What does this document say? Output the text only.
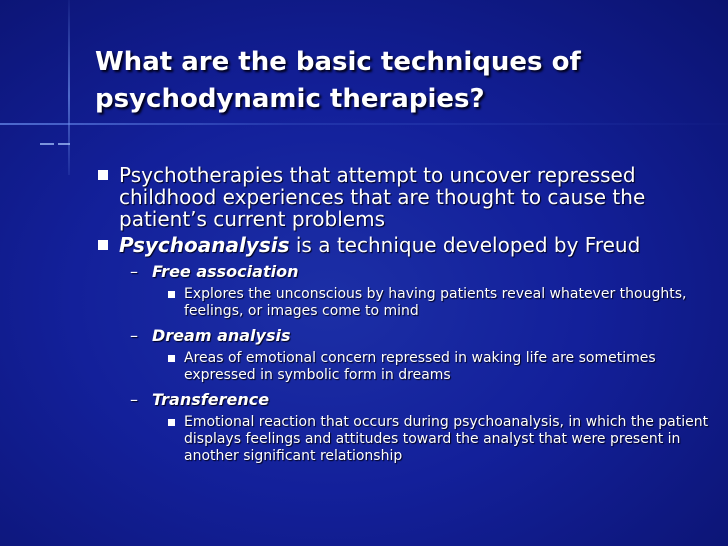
What are the basic techniques of psychodynamic therapies?
Psychotherapies that attempt to uncover repressed childhood experiences that are thought to cause the patient’s current problems
Psychoanalysis is a technique developed by Freud
– Free association
Explores the unconscious by having patients reveal whatever thoughts, feelings, or images come to mind
– Dream analysis
Areas of emotional concern repressed in waking life are sometimes expressed in symbolic form in dreams
– Transference
Emotional reaction that occurs during psychoanalysis, in which the patient displays feelings and attitudes toward the analyst that were present in another significant relationship
